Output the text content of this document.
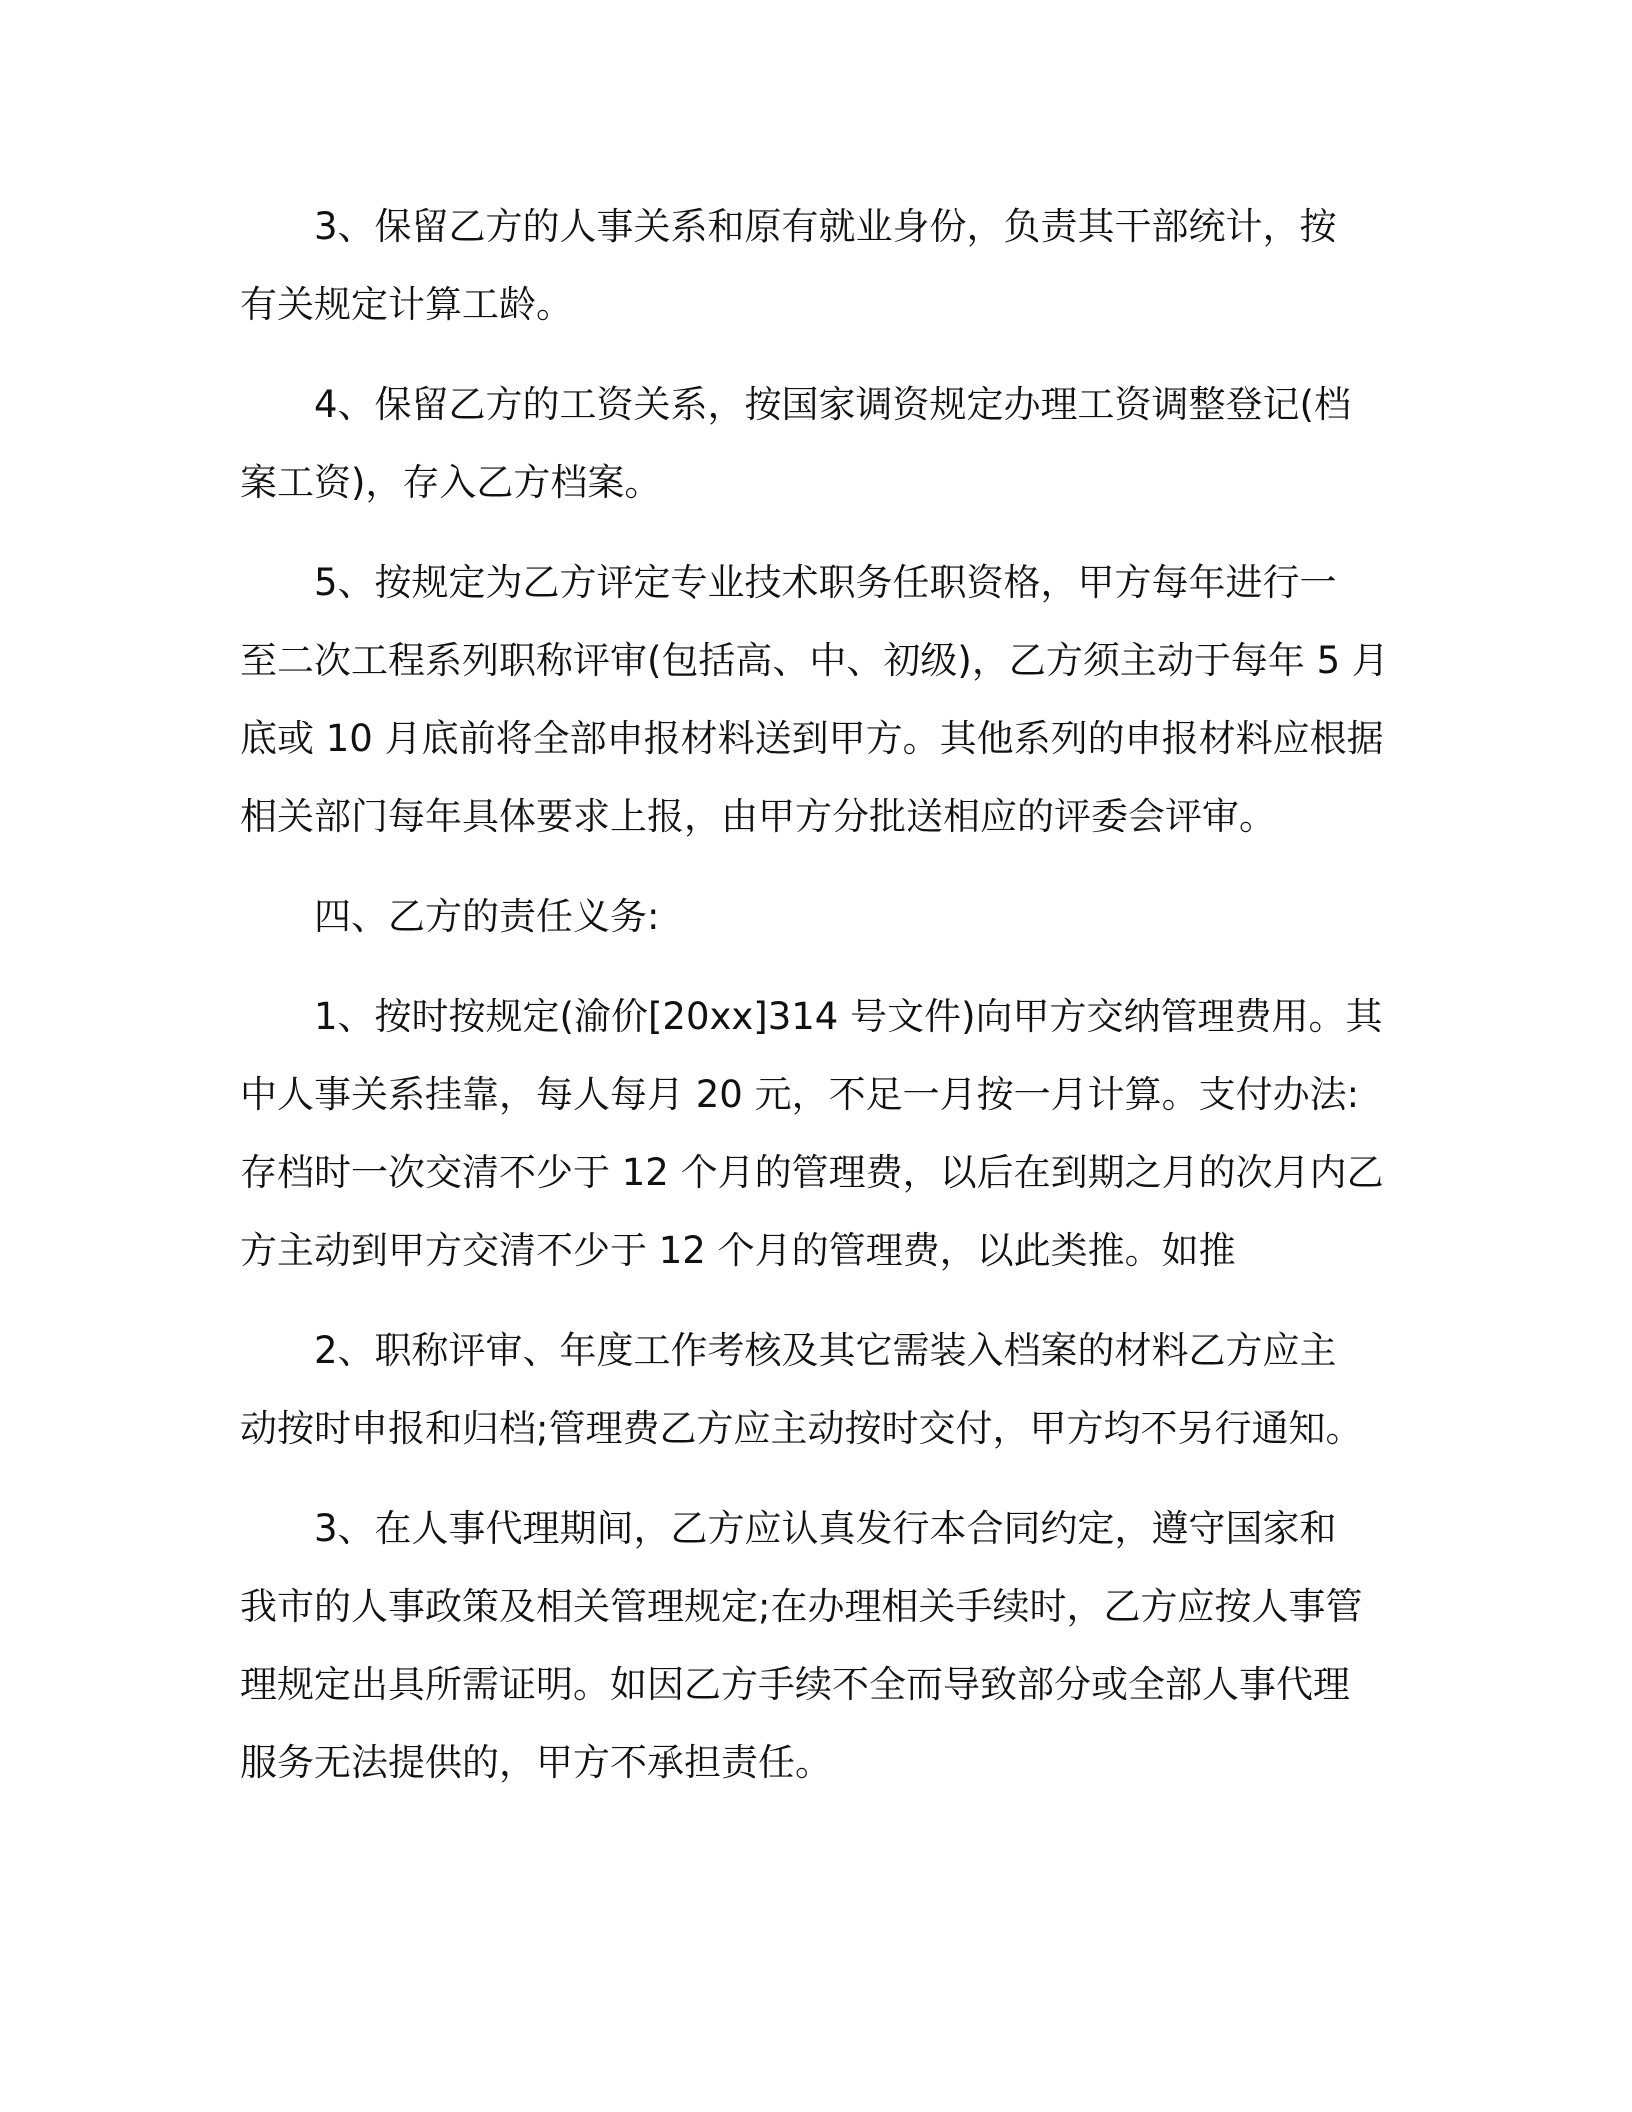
3、保留乙方的人事关系和原有就业身份，负责其干部统计，按
有关规定计算工龄。

4、保留乙方的工资关系，按国家调资规定办理工资调整登记(档
案工资)，存入乙方档案。

5、按规定为乙方评定专业技术职务任职资格，甲方每年进行一
至二次工程系列职称评审(包括高、中、初级)，乙方须主动于每年 5 月
底或 10 月底前将全部申报材料送到甲方。其他系列的申报材料应根据
相关部门每年具体要求上报，由甲方分批送相应的评委会评审。

四、乙方的责任义务:

1、按时按规定(渝价[20xx]314 号文件)向甲方交纳管理费用。其
中人事关系挂靠，每人每月 20 元，不足一月按一月计算。支付办法:
存档时一次交清不少于 12 个月的管理费，以后在到期之月的次月内乙
方主动到甲方交清不少于 12 个月的管理费，以此类推。如推

2、职称评审、年度工作考核及其它需装入档案的材料乙方应主
动按时申报和归档;管理费乙方应主动按时交付，甲方均不另行通知。

3、在人事代理期间，乙方应认真发行本合同约定，遵守国家和
我市的人事政策及相关管理规定;在办理相关手续时，乙方应按人事管
理规定出具所需证明。如因乙方手续不全而导致部分或全部人事代理
服务无法提供的，甲方不承担责任。
